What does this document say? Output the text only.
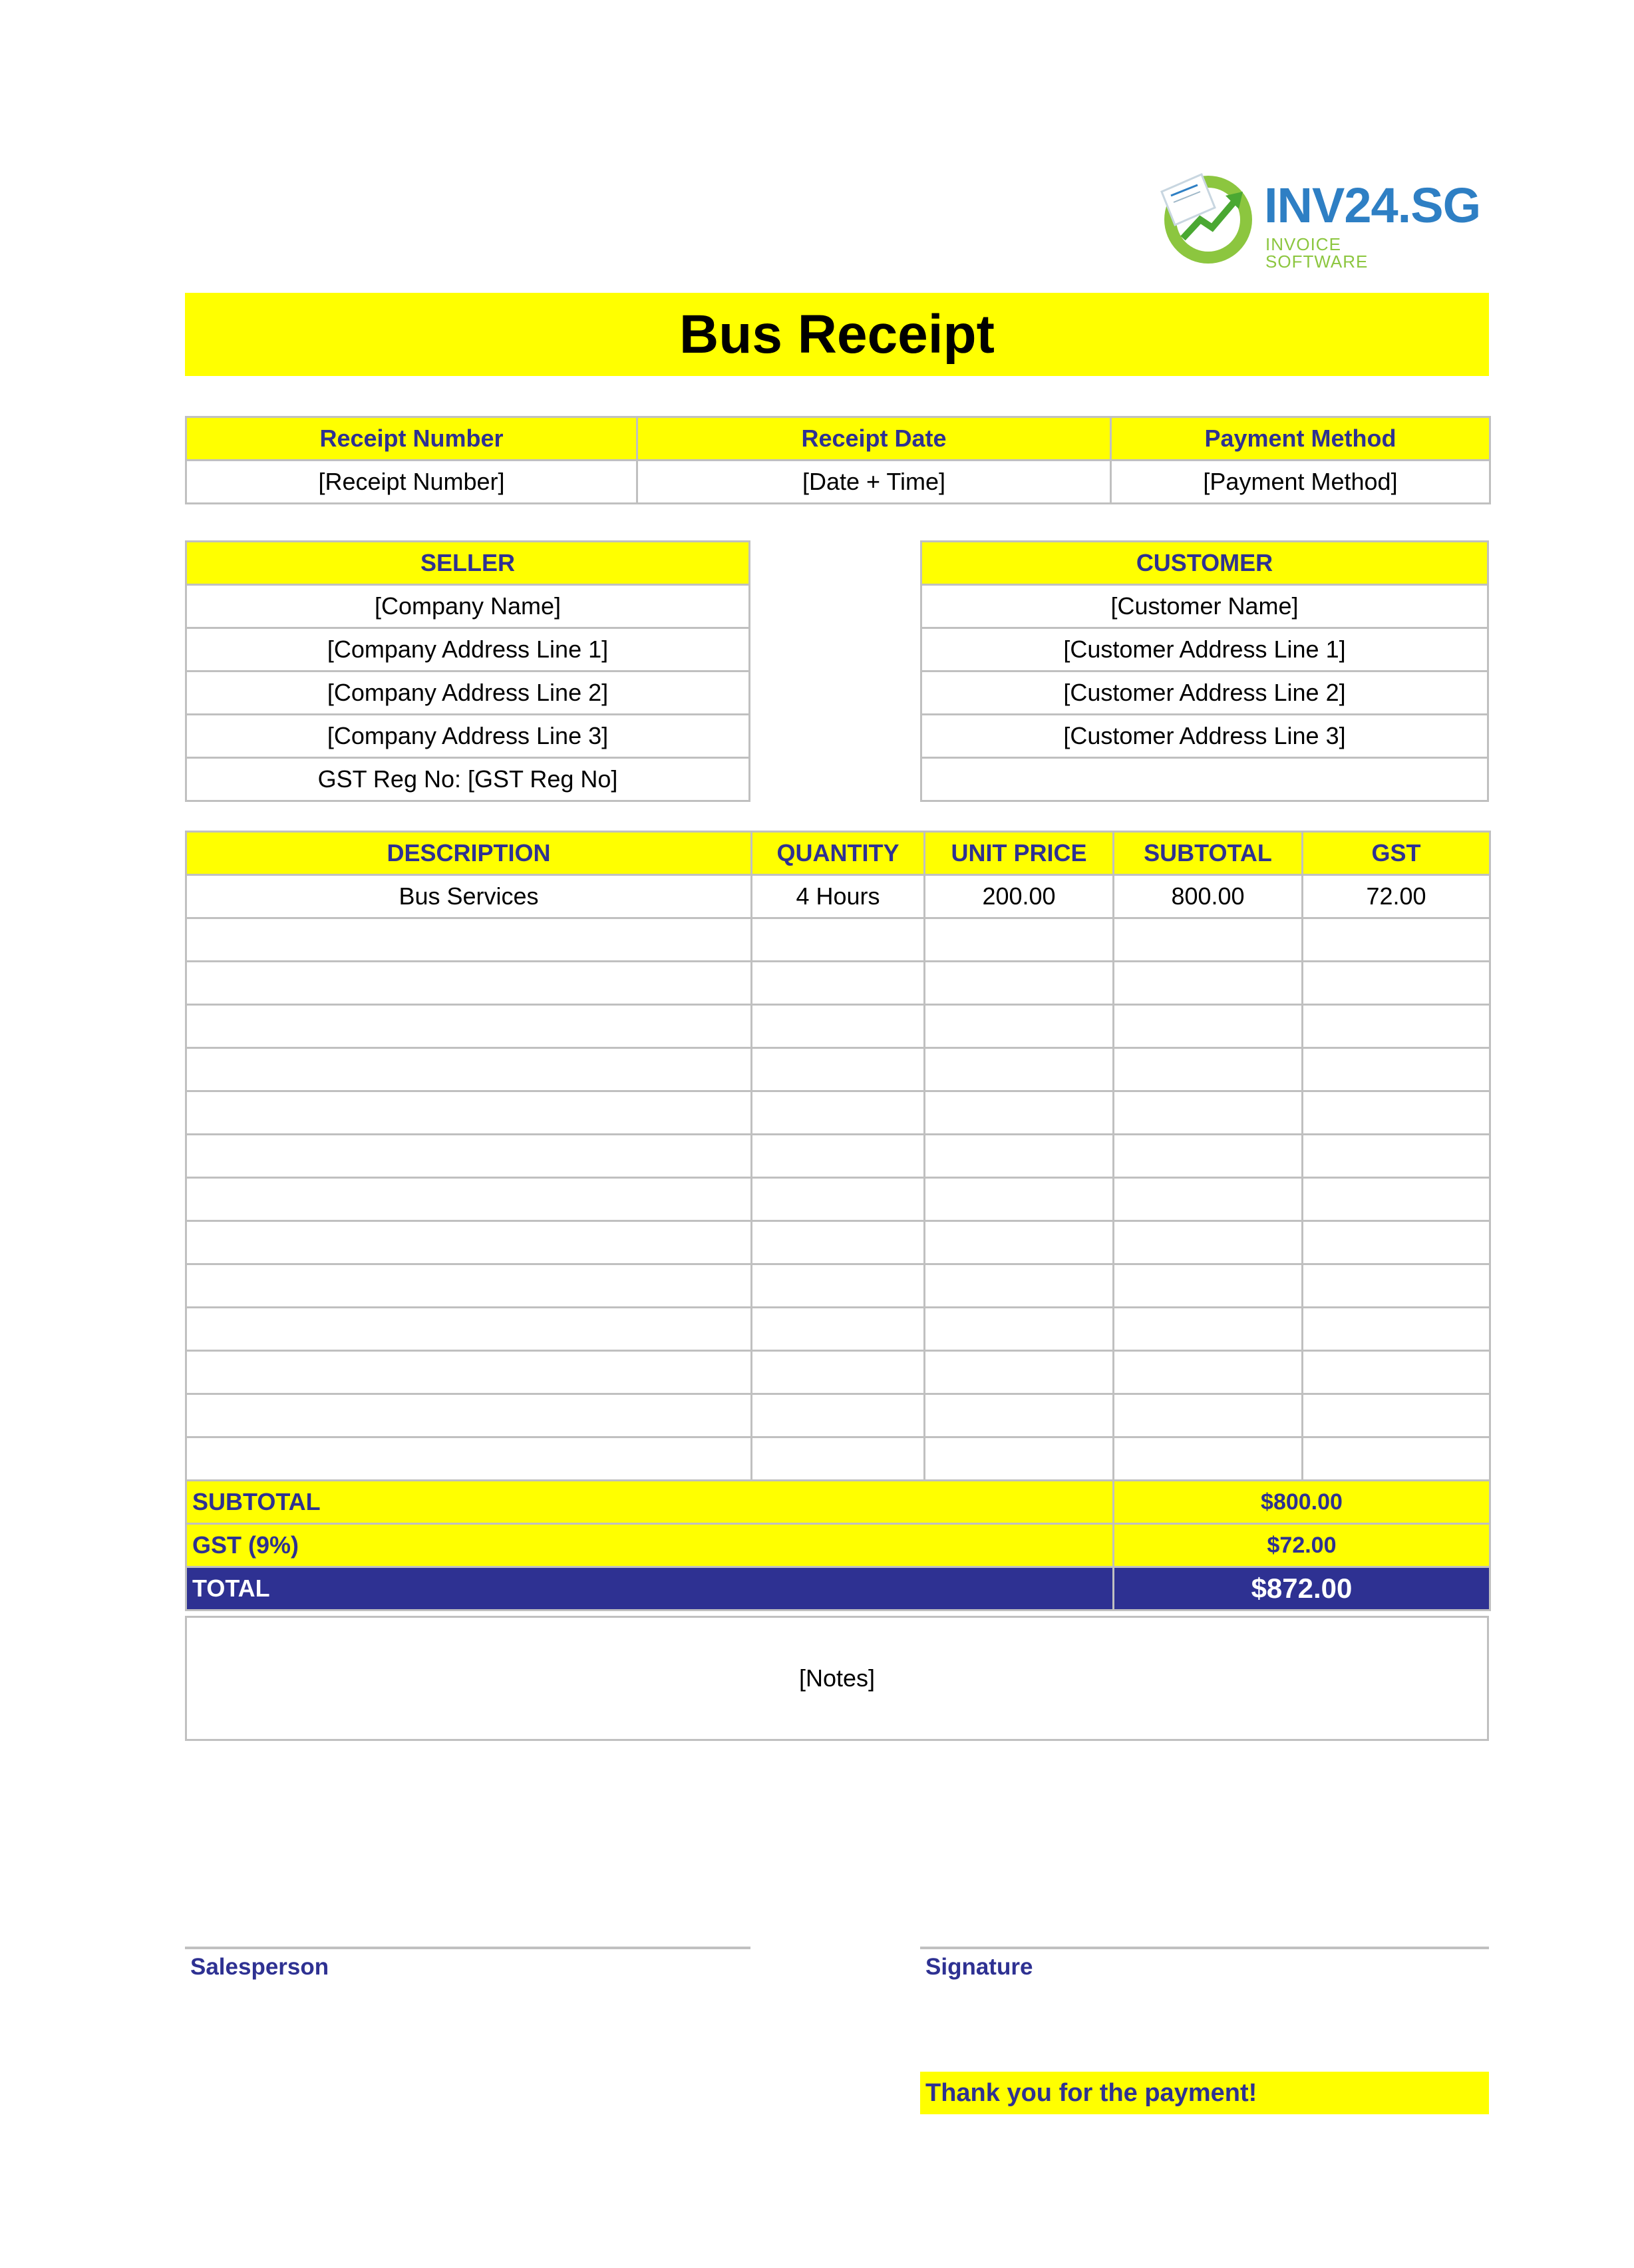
INV24.SG
INVOICE SOFTWARE
Bus Receipt
Receipt Number	Receipt Date	Payment Method
[Receipt Number]	[Date + Time]	[Payment Method]
SELLER
[Company Name]
[Company Address Line 1]
[Company Address Line 2]
[Company Address Line 3]
GST Reg No: [GST Reg No]
CUSTOMER
[Customer Name]
[Customer Address Line 1]
[Customer Address Line 2]
[Customer Address Line 3]

DESCRIPTION	QUANTITY	UNIT PRICE	SUBTOTAL	GST
Bus Services	4 Hours	200.00	800.00	72.00

SUBTOTAL			$800.00	
GST (9%)			$72.00	
TOTAL			$872.00	
[Notes]
Salesperson	Signature
Thank you for the payment!
